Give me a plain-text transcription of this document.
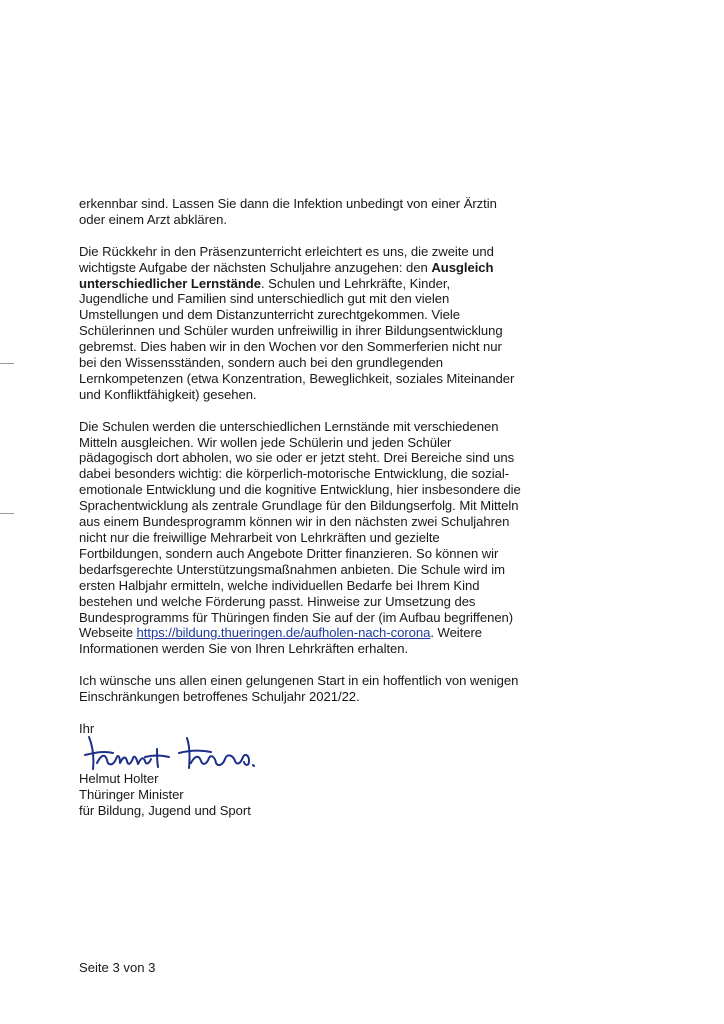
erkennbar sind. Lassen Sie dann die Infektion unbedingt von einer Ärztin
oder einem Arzt abklären.

Die Rückkehr in den Präsenzunterricht erleichtert es uns, die zweite und
wichtigste Aufgabe der nächsten Schuljahre anzugehen: den Ausgleich
unterschiedlicher Lernstände. Schulen und Lehrkräfte, Kinder,
Jugendliche und Familien sind unterschiedlich gut mit den vielen
Umstellungen und dem Distanzunterricht zurechtgekommen. Viele
Schülerinnen und Schüler wurden unfreiwillig in ihrer Bildungsentwicklung
gebremst. Dies haben wir in den Wochen vor den Sommerferien nicht nur
bei den Wissensständen, sondern auch bei den grundlegenden
Lernkompetenzen (etwa Konzentration, Beweglichkeit, soziales Miteinander
und Konfliktfähigkeit) gesehen.

Die Schulen werden die unterschiedlichen Lernstände mit verschiedenen
Mitteln ausgleichen. Wir wollen jede Schülerin und jeden Schüler
pädagogisch dort abholen, wo sie oder er jetzt steht. Drei Bereiche sind uns
dabei besonders wichtig: die körperlich-motorische Entwicklung, die sozial-
emotionale Entwicklung und die kognitive Entwicklung, hier insbesondere die
Sprachentwicklung als zentrale Grundlage für den Bildungserfolg. Mit Mitteln
aus einem Bundesprogramm können wir in den nächsten zwei Schuljahren
nicht nur die freiwillige Mehrarbeit von Lehrkräften und gezielte
Fortbildungen, sondern auch Angebote Dritter finanzieren. So können wir
bedarfsgerechte Unterstützungsmaßnahmen anbieten. Die Schule wird im
ersten Halbjahr ermitteln, welche individuellen Bedarfe bei Ihrem Kind
bestehen und welche Förderung passt. Hinweise zur Umsetzung des
Bundesprogramms für Thüringen finden Sie auf der (im Aufbau begriffenen)
Webseite https://bildung.thueringen.de/aufholen-nach-corona. Weitere
Informationen werden Sie von Ihren Lehrkräften erhalten.

Ich wünsche uns allen einen gelungenen Start in ein hoffentlich von wenigen
Einschränkungen betroffenes Schuljahr 2021/22.

Ihr

Helmut Holter
Thüringer Minister
für Bildung, Jugend und Sport

Seite 3 von 3
